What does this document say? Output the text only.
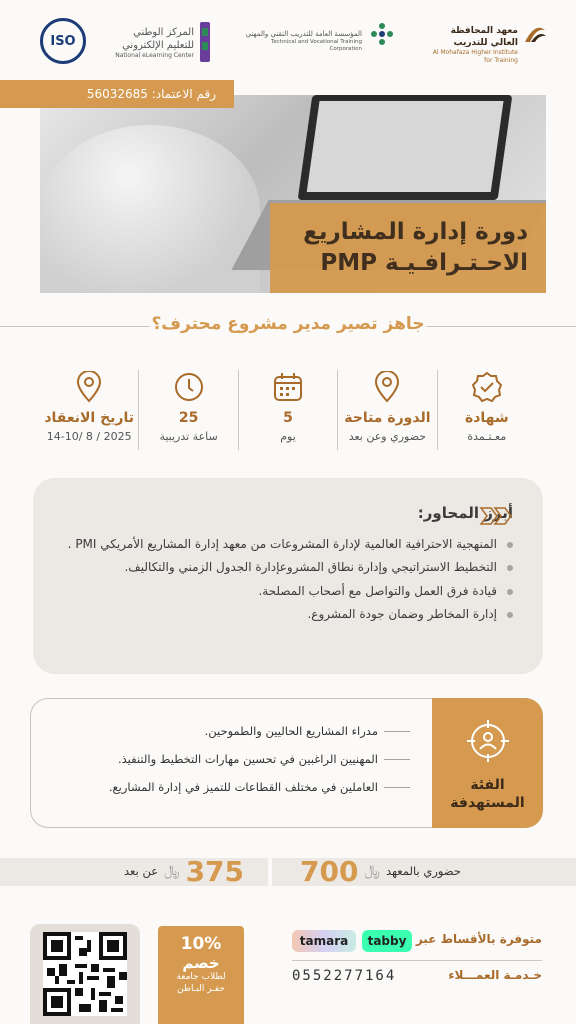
معهد المحافظة العالي للتدريب
Al Mohafaza Higher Institute for Training
المؤسسة العامة للتدريب التقني والمهني
Technical and Vocational Training Corporation
المركز الوطني
للتعليم الإلكتروني
National eLearning Center
ISO
رقم الاعتماد: 56032685
دورة إدارة المشاريع
الاحـتـرافـيـة PMP
جاهز تصير مدير مشروع محترف؟
شهادة
معـتـمدة
الدورة متاحة
حضوري وعن بعد
5
يوم
25
ساعة تدريبية
تاريخ الانعقاد
2025 / 8 /14-10
أبرز المحاور:
المنهجية الاحترافية العالمية لإدارة المشروعات من معهد إدارة المشاريع الأمريكي PMI .
التخطيط الاستراتيجي وإدارة نطاق المشروعإدارة الجدول الزمني والتكاليف.
قيادة فرق العمل والتواصل مع أصحاب المصلحة.
إدارة المخاطر وضمان جودة المشروع.
الفئة
المستهدفة
مدراء المشاريع الحاليين والطموحين.
المهنيين الراغبين في تحسين مهارات التخطيط والتنفيذ.
العاملين في مختلف القطاعات للتميز في إدارة المشاريع.
700 ﷼ حضوري بالمعهد
عن بعد ﷼ 375
متوفرة بالأقساط عبر
tamara	tabby
خـدمـة العمـــلاء
0552277164
10%
خصم
لطلاب جامعة
حفـر البـاطن
